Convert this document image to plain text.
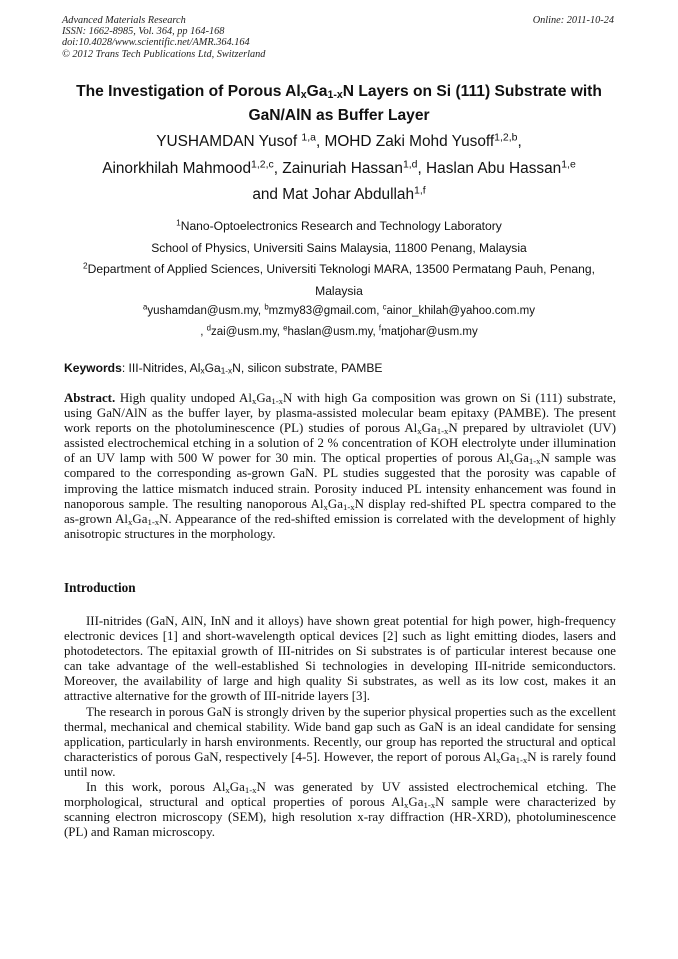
Advanced Materials Research
ISSN: 1662-8985, Vol. 364, pp 164-168
doi:10.4028/www.scientific.net/AMR.364.164
© 2012 Trans Tech Publications Ltd, Switzerland
Online: 2011-10-24
The Investigation of Porous $Al_xGa_{1-x}N$ Layers on Si (111) Substrate with
GaN/AlN as Buffer Layer
YUSHAMDAN Yusof $^{1,a}$, MOHD Zaki Mohd Yusoff$^{1,2,b}$,
Ainorkhilah Mahmood$^{1,2,c}$, Zainuriah Hassan$^{1,d}$, Haslan Abu Hassan$^{1,e}$
and Mat Johar Abdullah$^{1,f}$
$^1$Nano-Optoelectronics Research and Technology Laboratory
School of Physics, Universiti Sains Malaysia, 11800 Penang, Malaysia
$^2$Department of Applied Sciences, Universiti Teknologi MARA, 13500 Permatang Pauh, Penang,
Malaysia
$^a$yushamdan@usm.my, $^b$mzmy83@gmail.com, $^c$ainor_khilah@yahoo.com.my
, $^d$zai@usm.my, $^e$haslan@usm.my, $^f$matjohar@usm.my
Keywords: III-Nitrides, $Al_xGa_{1-x}N$, silicon substrate, PAMBE
Abstract. High quality undoped $Al_xGa_{1-x}N$ with high Ga composition was grown on Si (111) substrate, using GaN/AlN as the buffer layer, by plasma-assisted molecular beam epitaxy (PAMBE). The present work reports on the photoluminescence (PL) studies of porous $Al_xGa_{1-x}N$ prepared by ultraviolet (UV) assisted electrochemical etching in a solution of 2 % concentration of KOH electrolyte under illumination of an UV lamp with 500 W power for 30 min. The optical properties of porous $Al_xGa_{1-x}N$ sample was compared to the corresponding as-grown GaN. PL studies suggested that the porosity was capable of improving the lattice mismatch induced strain. Porosity induced PL intensity enhancement was found in nanoporous sample. The resulting nanoporous $Al_xGa_{1-x}N$ display red-shifted PL spectra compared to the as-grown $Al_xGa_{1-x}N$. Appearance of the red-shifted emission is correlated with the development of highly anisotropic structures in the morphology.
Introduction

III-nitrides (GaN, AlN, InN and it alloys) have shown great potential for high power, high-frequency electronic devices [1] and short-wavelength optical devices [2] such as light emitting diodes, lasers and photodetectors. The epitaxial growth of III-nitrides on Si substrates is of particular interest because one can take advantage of the well-established Si technologies in developing III-nitride semiconductors. Moreover, the availability of large and high quality Si substrates, as well as its low cost, makes it an attractive alternative for the growth of III-nitride layers [3].

The research in porous GaN is strongly driven by the superior physical properties such as the excellent thermal, mechanical and chemical stability. Wide band gap such as GaN is an ideal candidate for sensing application, particularly in harsh environments. Recently, our group has reported the structural and optical characteristics of porous GaN, respectively [4-5]. However, the report of porous $Al_xGa_{1-x}N$ is rarely found until now.

In this work, porous $Al_xGa_{1-x}N$ was generated by UV assisted electrochemical etching. The morphological, structural and optical properties of porous $Al_xGa_{1-x}N$ sample were characterized by scanning electron microscopy (SEM), high resolution x-ray diffraction (HR-XRD), photoluminescence (PL) and Raman microscopy.
